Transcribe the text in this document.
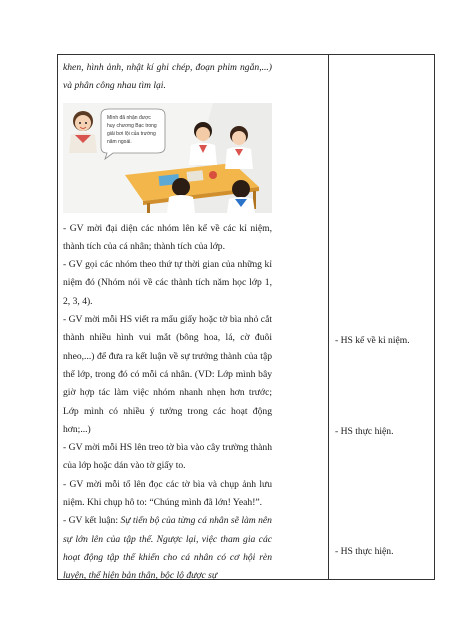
khen, hình ảnh, nhật kí ghi chép, đoạn phim ngắn,...) và phân công nhau tìm lại.

Mình đã nhận được
huy chương Bạc trong
giải bơi lội của trường
năm ngoái.

- GV mời đại diện các nhóm lên kể về các kỉ niệm, thành tích của cá nhân; thành tích của lớp.

- GV gọi các nhóm theo thứ tự thời gian của những kỉ niệm đó (Nhóm nói về các thành tích năm học lớp 1, 2, 3, 4).

- GV mời mỗi HS viết ra mẩu giấy hoặc tờ bìa nhỏ cắt thành nhiều hình vui mắt (bông hoa, lá, cờ đuôi nheo,...) để đưa ra kết luận về sự trưởng thành của tập thể lớp, trong đó có mỗi cá nhân. (VD: Lớp mình bây giờ hợp tác làm việc nhóm nhanh nhẹn hơn trước; Lớp mình có nhiều ý tưởng trong các hoạt động hơn;...)

- GV mời mỗi HS lên treo tờ bìa vào cây trường thành của lớp hoặc dán vào tờ giấy to.

- GV mời mỗi tổ lên đọc các tờ bìa và chụp ảnh lưu niệm. Khi chụp hô to: “Chúng mình đã lớn! Yeah!”.

- GV kết luận: Sự tiến bộ của từng cá nhân sẽ làm nên sự lớn lên của tập thể. Ngược lại, việc tham gia các hoạt động tập thể khiến cho cá nhân có cơ hội rèn luyện, thể hiện bản thân, bộc lộ được sự

- HS kể về kỉ niệm.
- HS thực hiện.
- HS thực hiện.
